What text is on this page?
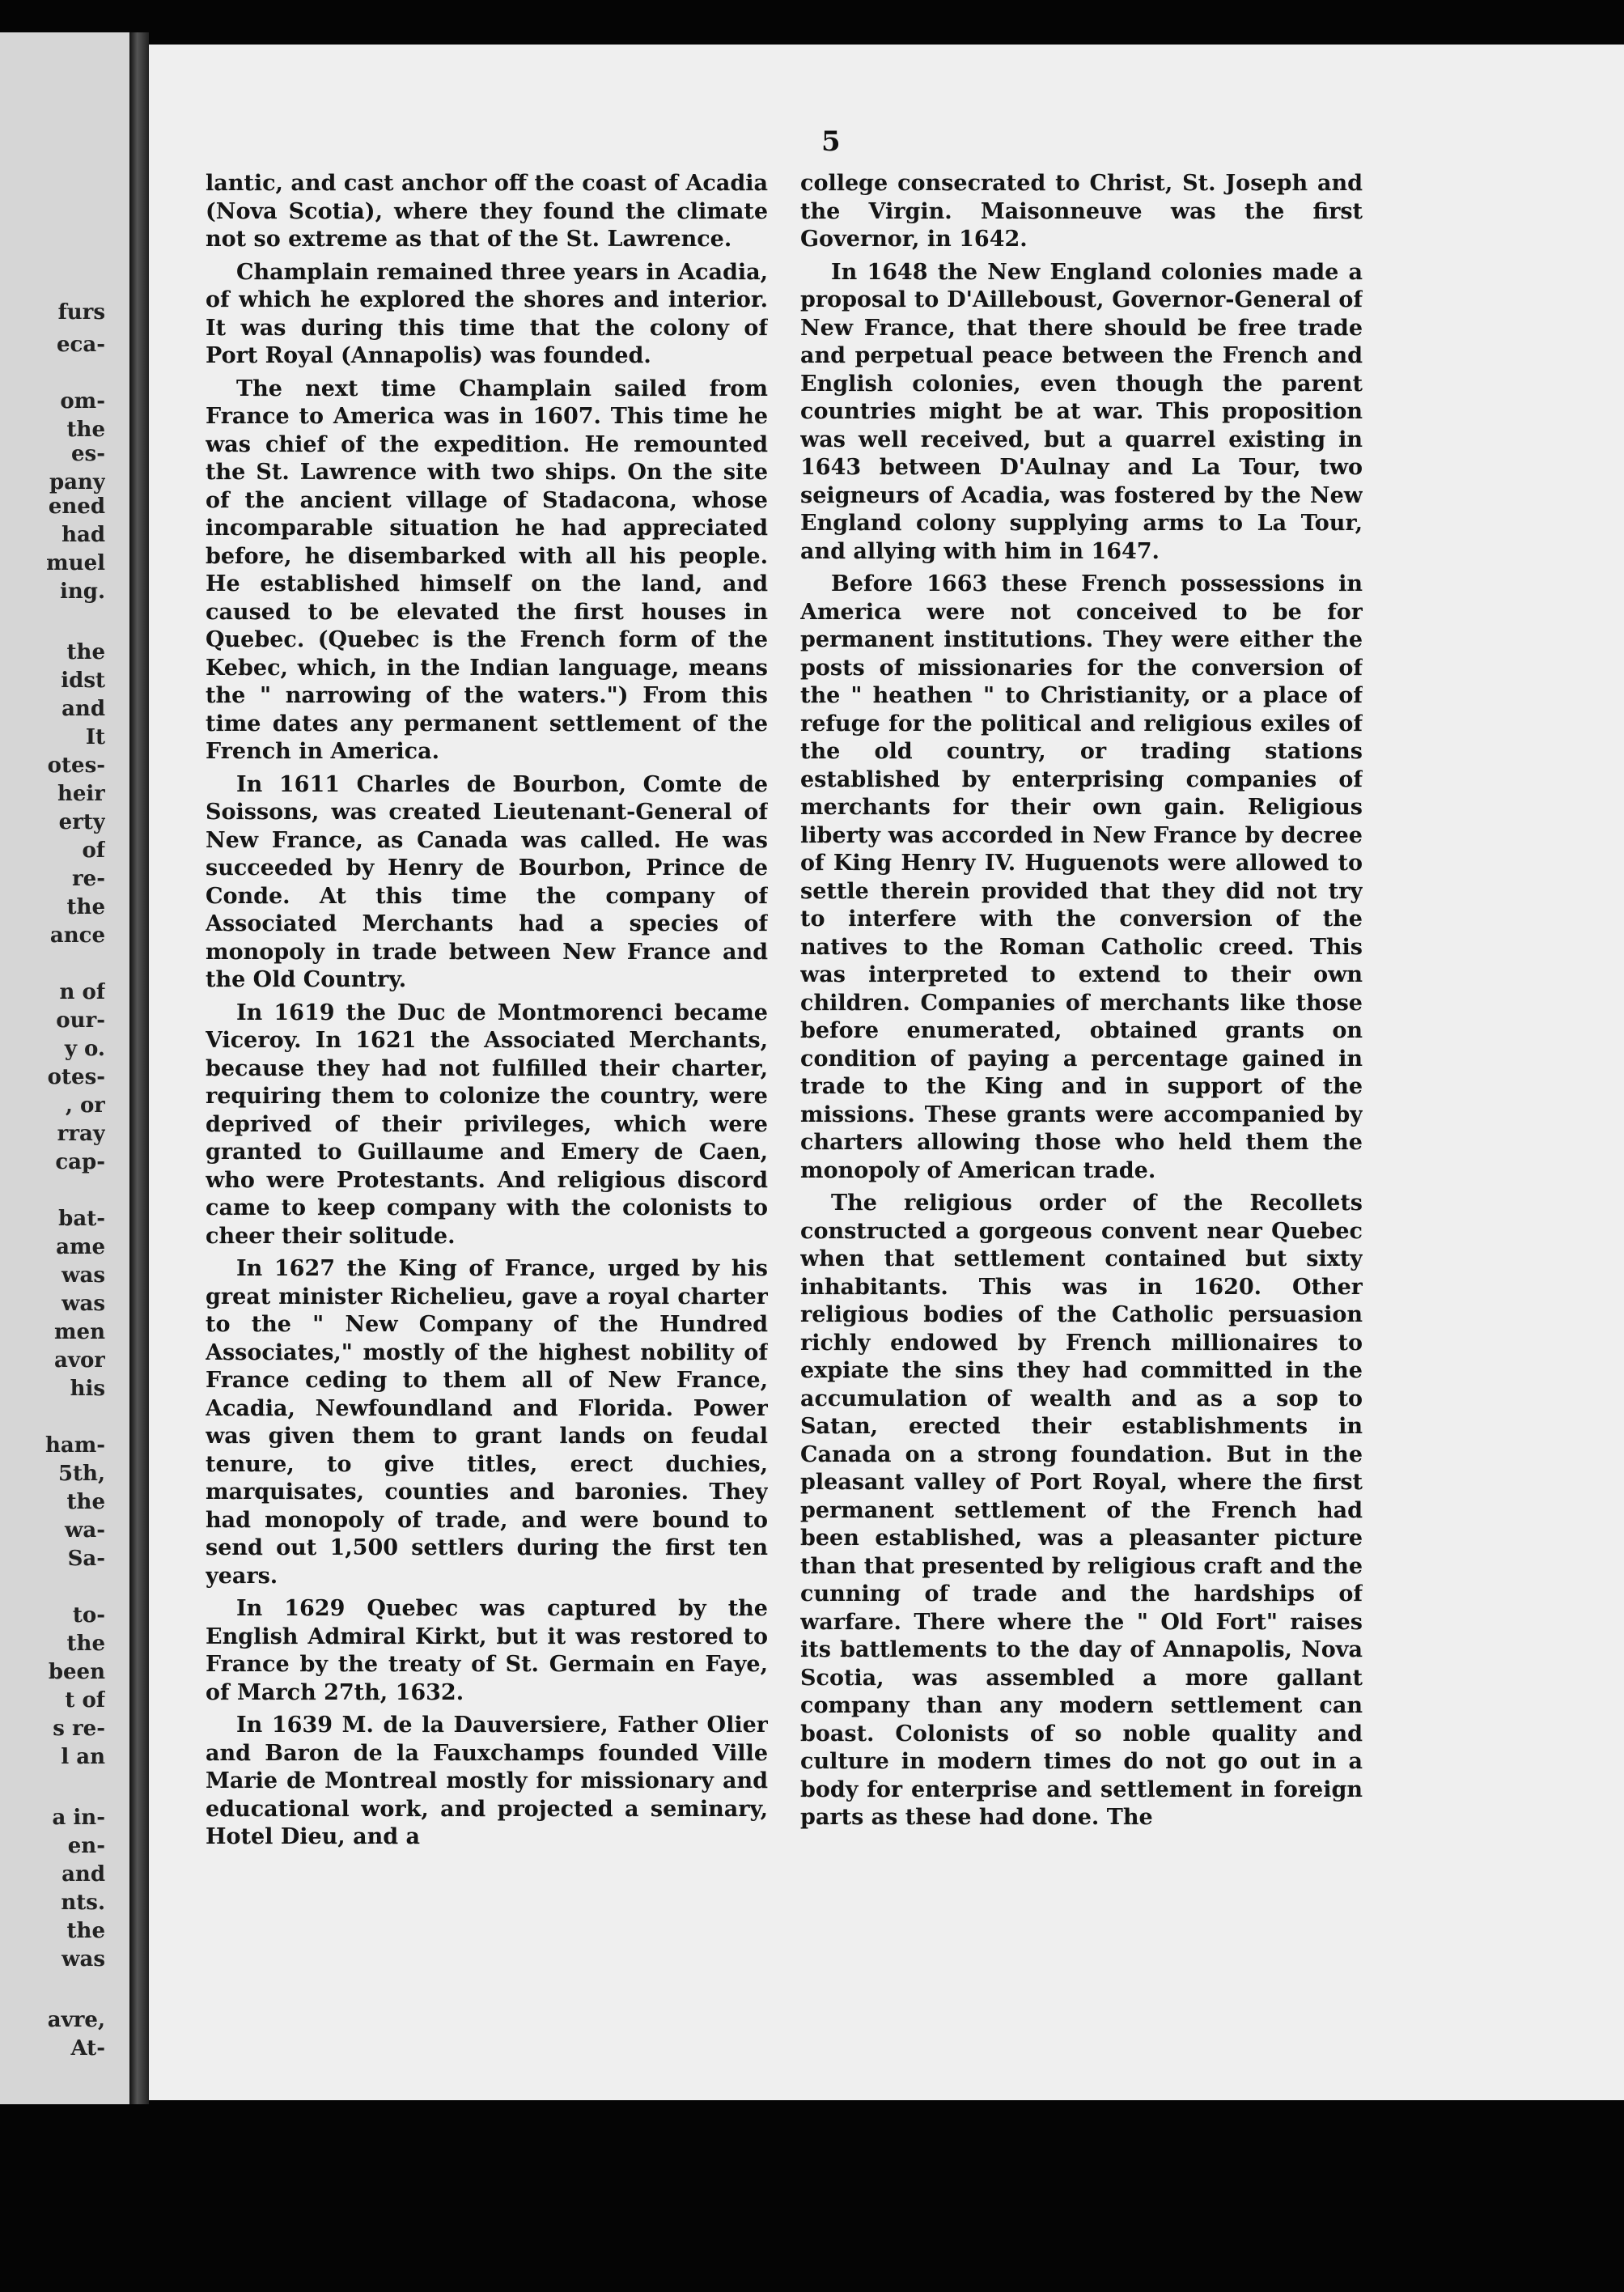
furs
eca-
om-
the
es-
pany
ened
had
muel
ing.
the
idst
and
It
otes-
heir
erty
of
re-
the
ance
n of
our-
y o.
otes-
, or
rray
cap-
bat-
ame
was
was
men
avor
his
ham-
5th,
the
wa-
Sa-
to-
the
been
t of
s re-
l an
a in-
en-
and
nts.
the
was
avre,
At-
5

lantic, and cast anchor off the coast of Acadia (Nova Scotia), where they found the climate not so extreme as that of the St. Lawrence.

Champlain remained three years in Acadia, of which he explored the shores and interior. It was during this time that the colony of Port Royal (Annapolis) was founded.

The next time Champlain sailed from France to America was in 1607. This time he was chief of the expedition. He remounted the St. Lawrence with two ships. On the site of the ancient village of Stadacona, whose incomparable situation he had appreciated before, he disembarked with all his people. He established himself on the land, and caused to be elevated the first houses in Quebec. (Quebec is the French form of the Kebec, which, in the Indian language, means the " narrowing of the waters.") From this time dates any permanent settlement of the French in America.

In 1611 Charles de Bourbon, Comte de Soissons, was created Lieutenant-General of New France, as Canada was called. He was succeeded by Henry de Bourbon, Prince de Conde. At this time the company of Associated Merchants had a species of monopoly in trade between New France and the Old Country.

In 1619 the Duc de Montmorenci became Viceroy. In 1621 the Associated Merchants, because they had not fulfilled their charter, requiring them to colonize the country, were deprived of their privileges, which were granted to Guillaume and Emery de Caen, who were Protestants. And religious discord came to keep company with the colonists to cheer their solitude.

In 1627 the King of France, urged by his great minister Richelieu, gave a royal charter to the " New Company of the Hundred Associates," mostly of the highest nobility of France ceding to them all of New France, Acadia, Newfoundland and Florida. Power was given them to grant lands on feudal tenure, to give titles, erect duchies, marquisates, counties and baronies. They had monopoly of trade, and were bound to send out 1,500 settlers during the first ten years.

In 1629 Quebec was captured by the English Admiral Kirkt, but it was restored to France by the treaty of St. Germain en Faye, of March 27th, 1632.

In 1639 M. de la Dauversiere, Father Olier and Baron de la Fauxchamps founded Ville Marie de Montreal mostly for missionary and educational work, and projected a seminary, Hotel Dieu, and a

college consecrated to Christ, St. Joseph and the Virgin. Maisonneuve was the first Governor, in 1642.

In 1648 the New England colonies made a proposal to D'Ailleboust, Governor-General of New France, that there should be free trade and perpetual peace between the French and English colonies, even though the parent countries might be at war. This proposition was well received, but a quarrel existing in 1643 between D'Aulnay and La Tour, two seigneurs of Acadia, was fostered by the New England colony supplying arms to La Tour, and allying with him in 1647.

Before 1663 these French possessions in America were not conceived to be for permanent institutions. They were either the posts of missionaries for the conversion of the " heathen " to Christianity, or a place of refuge for the political and religious exiles of the old country, or trading stations established by enterprising companies of merchants for their own gain. Religious liberty was accorded in New France by decree of King Henry IV. Huguenots were allowed to settle therein provided that they did not try to interfere with the conversion of the natives to the Roman Catholic creed. This was interpreted to extend to their own children. Companies of merchants like those before enumerated, obtained grants on condition of paying a percentage gained in trade to the King and in support of the missions. These grants were accompanied by charters allowing those who held them the monopoly of American trade.

The religious order of the Recollets constructed a gorgeous convent near Quebec when that settlement contained but sixty inhabitants. This was in 1620. Other religious bodies of the Catholic persuasion richly endowed by French millionaires to expiate the sins they had committed in the accumulation of wealth and as a sop to Satan, erected their establishments in Canada on a strong foundation. But in the pleasant valley of Port Royal, where the first permanent settlement of the French had been established, was a pleasanter picture than that presented by religious craft and the cunning of trade and the hardships of warfare. There where the " Old Fort" raises its battlements to the day of Annapolis, Nova Scotia, was assembled a more gallant company than any modern settlement can boast. Colonists of so noble quality and culture in modern times do not go out in a body for enterprise and settlement in foreign parts as these had done. The
